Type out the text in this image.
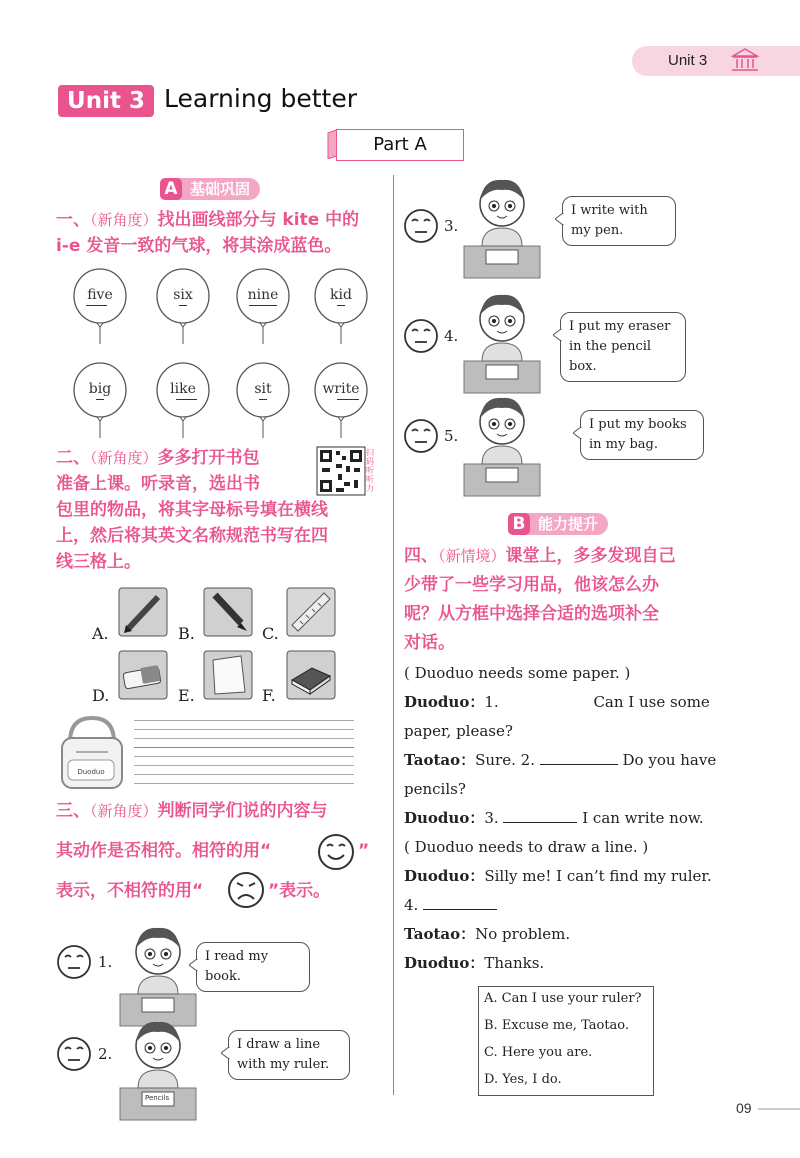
Unit 3
Unit 3 Learning better
Part A
基础巩固
A
一、（新角度）找出画线部分与 kite 中的
i-e 发音一致的气球，将其涂成蓝色。
five	six	nine	kid
big	like	sit	write
二、（新角度）多多打开书包
准备上课。听录音，选出书
包里的物品，将其字母标号填在横线
上，然后将其英文名称规范书写在四
线三格上。
扫码听听力
A.	B.	C.
D.	E.	F.
Duoduo
三、（新角度）判断同学们说的内容与
其动作是否相符。相符的用“	”
表示，不相符的用“	”表示。
1.	I read my book.
2.
Pencils
I draw a line with my ruler.
3.
I write with my pen.
4.
I put my eraser in the pencil box.
5.
I put my books in my bag.
能力提升
B
四、（新情境）课堂上，多多发现自己
少带了一些学习用品，他该怎么办
呢？从方框中选择合适的选项补全
对话。
( Duoduo needs some paper. )
Duoduo：1.	Can I use some
paper, please?
Taotao：Sure. 2.	Do you have
pencils?
Duoduo：3.	I can write now.
( Duoduo needs to draw a line. )
Duoduo：Silly me! I can’t find my ruler.
4.
Taotao：No problem.
Duoduo：Thanks.
A. Can I use your ruler?
B. Excuse me, Taotao.
C. Here you are.
D. Yes, I do.
09
